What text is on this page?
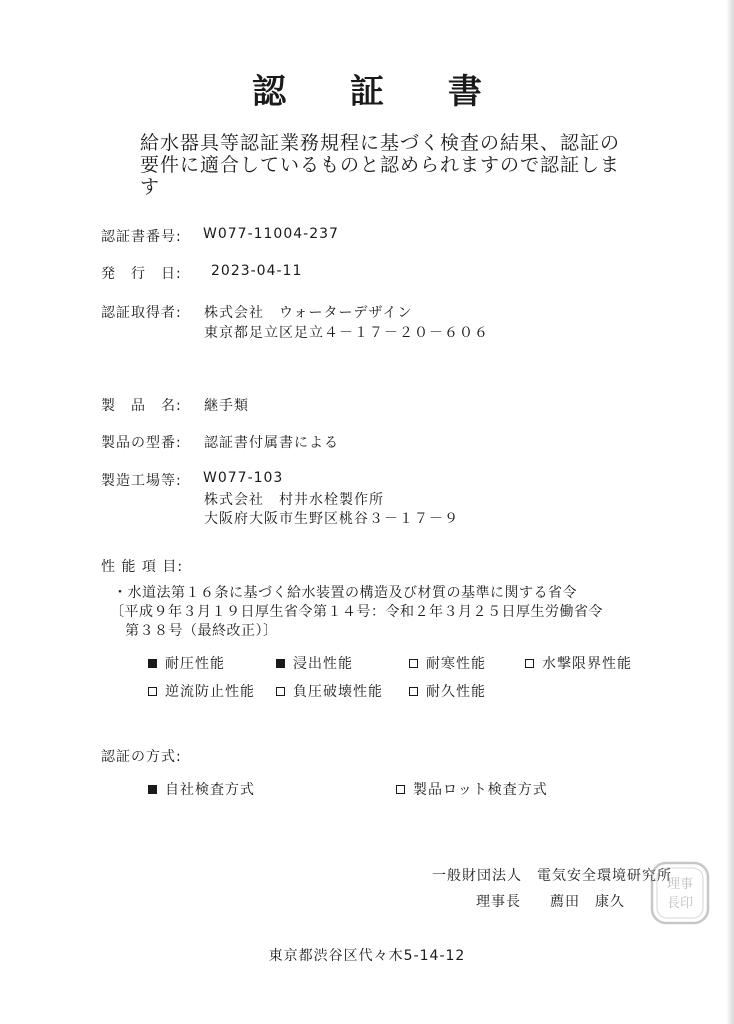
認 証 書
給水器具等認証業務規程に基づく検査の結果、認証の要件に適合しているものと認められますので認証します
認証書番号: W077-11004-237
発　行　日: 2023-04-11
認証取得者: 株式会社　ウォーターデザイン
東京都足立区足立４－１７－２０－６０６
製　品　名: 継手類
製品の型番: 認証書付属書による
製造工場等: W077-103
株式会社　村井水栓製作所
大阪府大阪市生野区桃谷３－１７－９
性 能 項 目:
・水道法第１６条に基づく給水装置の構造及び材質の基準に関する省令
〔平成９年３月１９日厚生省令第１４号：令和２年３月２５日厚生労働省令
第３８号（最終改正）〕
耐圧性能	浸出性能	耐寒性能	水撃限界性能
逆流防止性能	負圧破壊性能	耐久性能
認証の方式:
自社検査方式	製品ロット検査方式
一般財団法人　電気安全環境研究所
理事長 薦田　康久
理事
長印
東京都渋谷区代々木5-14-12
